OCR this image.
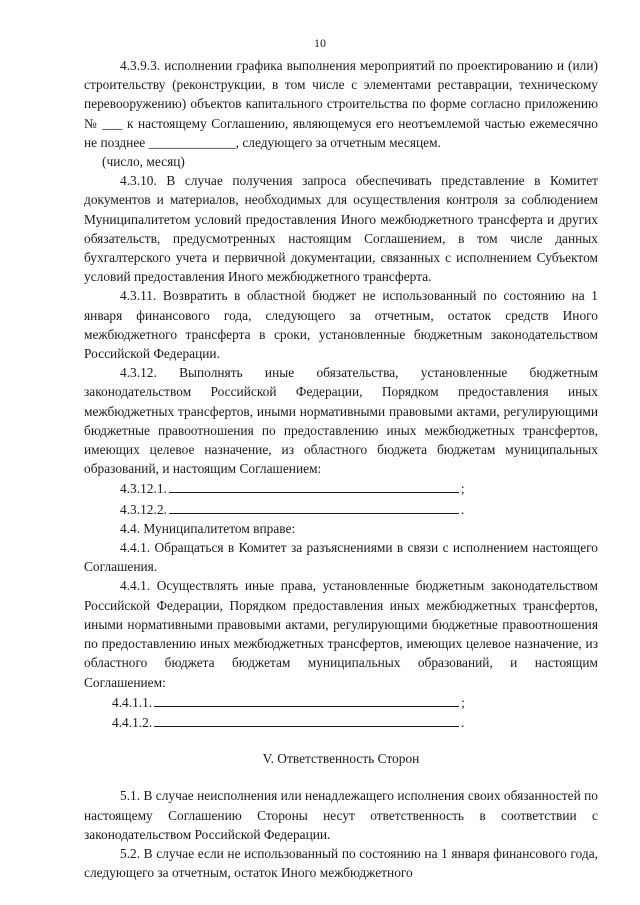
10

4.3.9.3. исполнении графика выполнения мероприятий по проектированию и (или) строительству (реконструкции, в том числе с элементами реставрации, техническому перевооружению) объектов капитального строительства по форме согласно приложению № ___ к настоящему Соглашению, являющемуся его неотъемлемой частью ежемесячно не позднее _____________, следующего за отчетным месяцем.

(число, месяц)

4.3.10. В случае получения запроса обеспечивать представление в Комитет документов и материалов, необходимых для осуществления контроля за соблюдением Муниципалитетом условий предоставления Иного межбюджетного трансферта и других обязательств, предусмотренных настоящим Соглашением, в том числе данных бухгалтерского учета и первичной документации, связанных с исполнением Субъектом условий предоставления Иного межбюджетного трансферта.

4.3.11. Возвратить в областной бюджет не использованный по состоянию на 1 января финансового года, следующего за отчетным, остаток средств Иного межбюджетного трансферта в сроки, установленные бюджетным законодательством Российской Федерации.

4.3.12. Выполнять иные обязательства, установленные бюджетным законодательством Российской Федерации, Порядком предоставления иных межбюджетных трансфертов, иными нормативными правовыми актами, регулирующими бюджетные правоотношения по предоставлению иных межбюджетных трансфертов, имеющих целевое назначение, из областного бюджета бюджетам муниципальных образований, и настоящим Соглашением:

4.3.12.1.	;
4.3.12.2.	.

4.4. Муниципалитетом вправе:

4.4.1. Обращаться в Комитет за разъяснениями в связи с исполнением настоящего Соглашения.

4.4.1. Осуществлять иные права, установленные бюджетным законодательством Российской Федерации, Порядком предоставления иных межбюджетных трансфертов, иными нормативными правовыми актами, регулирующими бюджетные правоотношения по предоставлению иных межбюджетных трансфертов, имеющих целевое назначение, из областного бюджета бюджетам муниципальных образований, и настоящим Соглашением:

4.4.1.1.	;
4.4.1.2.	.
V. Ответственность Сторон

5.1. В случае неисполнения или ненадлежащего исполнения своих обязанностей по настоящему Соглашению Стороны несут ответственность в соответствии с законодательством Российской Федерации.

5.2. В случае если не использованный по состоянию на 1 января финансового года, следующего за отчетным, остаток Иного межбюджетного
